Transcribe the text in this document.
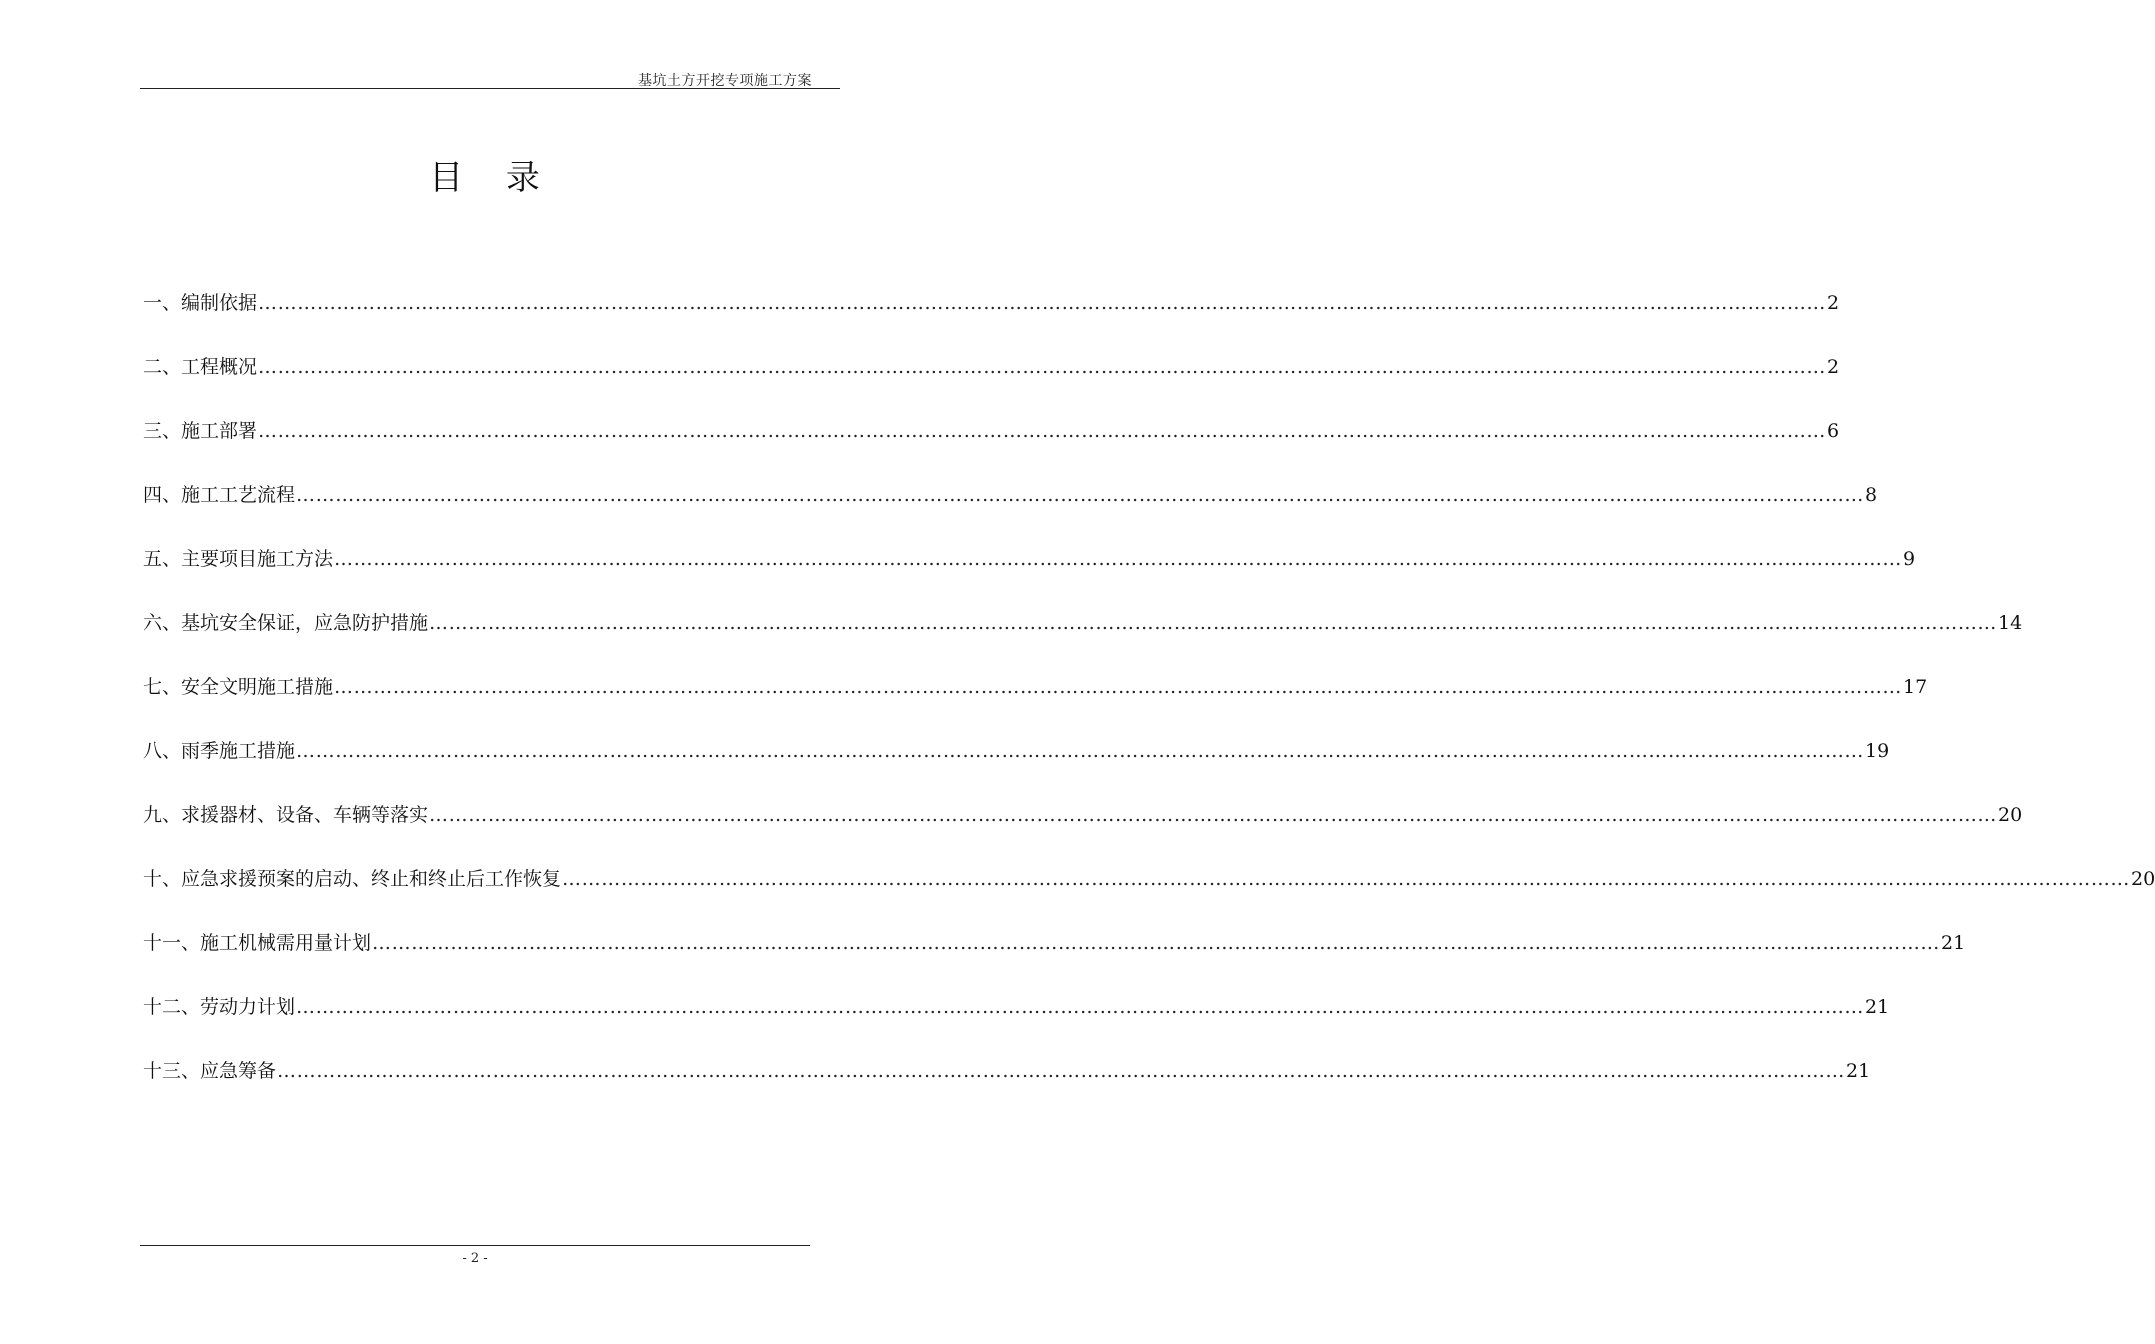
基坑土方开挖专项施工方案
目 录
一、编制依据 …………………………………………………………………………………………………………………………………………………………………………………………………………………… 2
二、工程概况 …………………………………………………………………………………………………………………………………………………………………………………………………………………… 2
三、施工部署 …………………………………………………………………………………………………………………………………………………………………………………………………………………… 6
四、施工工艺流程 …………………………………………………………………………………………………………………………………………………………………………………………………………………… 8
五、主要项目施工方法 …………………………………………………………………………………………………………………………………………………………………………………………………………………… 9
六、基坑安全保证，应急防护措施 …………………………………………………………………………………………………………………………………………………………………………………………………………………… 14
七、安全文明施工措施 …………………………………………………………………………………………………………………………………………………………………………………………………………………… 17
八、雨季施工措施 …………………………………………………………………………………………………………………………………………………………………………………………………………………… 19
九、求援器材、设备、车辆等落实 …………………………………………………………………………………………………………………………………………………………………………………………………………………… 20
十、应急求援预案的启动、终止和终止后工作恢复 …………………………………………………………………………………………………………………………………………………………………………………………………………………… 20
十一、施工机械需用量计划 …………………………………………………………………………………………………………………………………………………………………………………………………………………… 21
十二、劳动力计划 …………………………………………………………………………………………………………………………………………………………………………………………………………………… 21
十三、应急筹备 …………………………………………………………………………………………………………………………………………………………………………………………………………………… 21
- 2 -
